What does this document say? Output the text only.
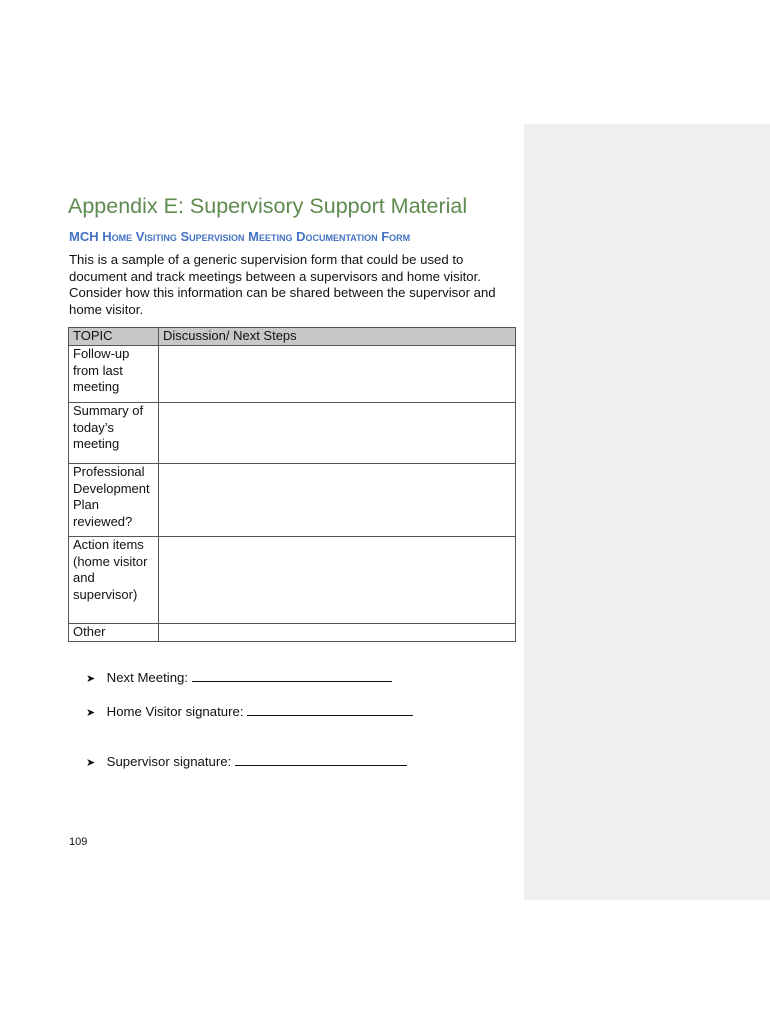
Appendix E: Supervisory Support Material
MCH Home Visiting Supervision Meeting Documentation Form

This is a sample of a generic supervision form that could be used to document and track meetings between a supervisors and home visitor. Consider how this information can be shared between the supervisor and home visitor.

TOPIC	Discussion/ Next Steps
Follow-up from last meeting	
Summary of today’s meeting	
Professional Development Plan reviewed?	
Action items (home visitor and supervisor)	
Other	
➤ Next Meeting:
➤ Home Visitor signature:
➤ Supervisor signature:
109
